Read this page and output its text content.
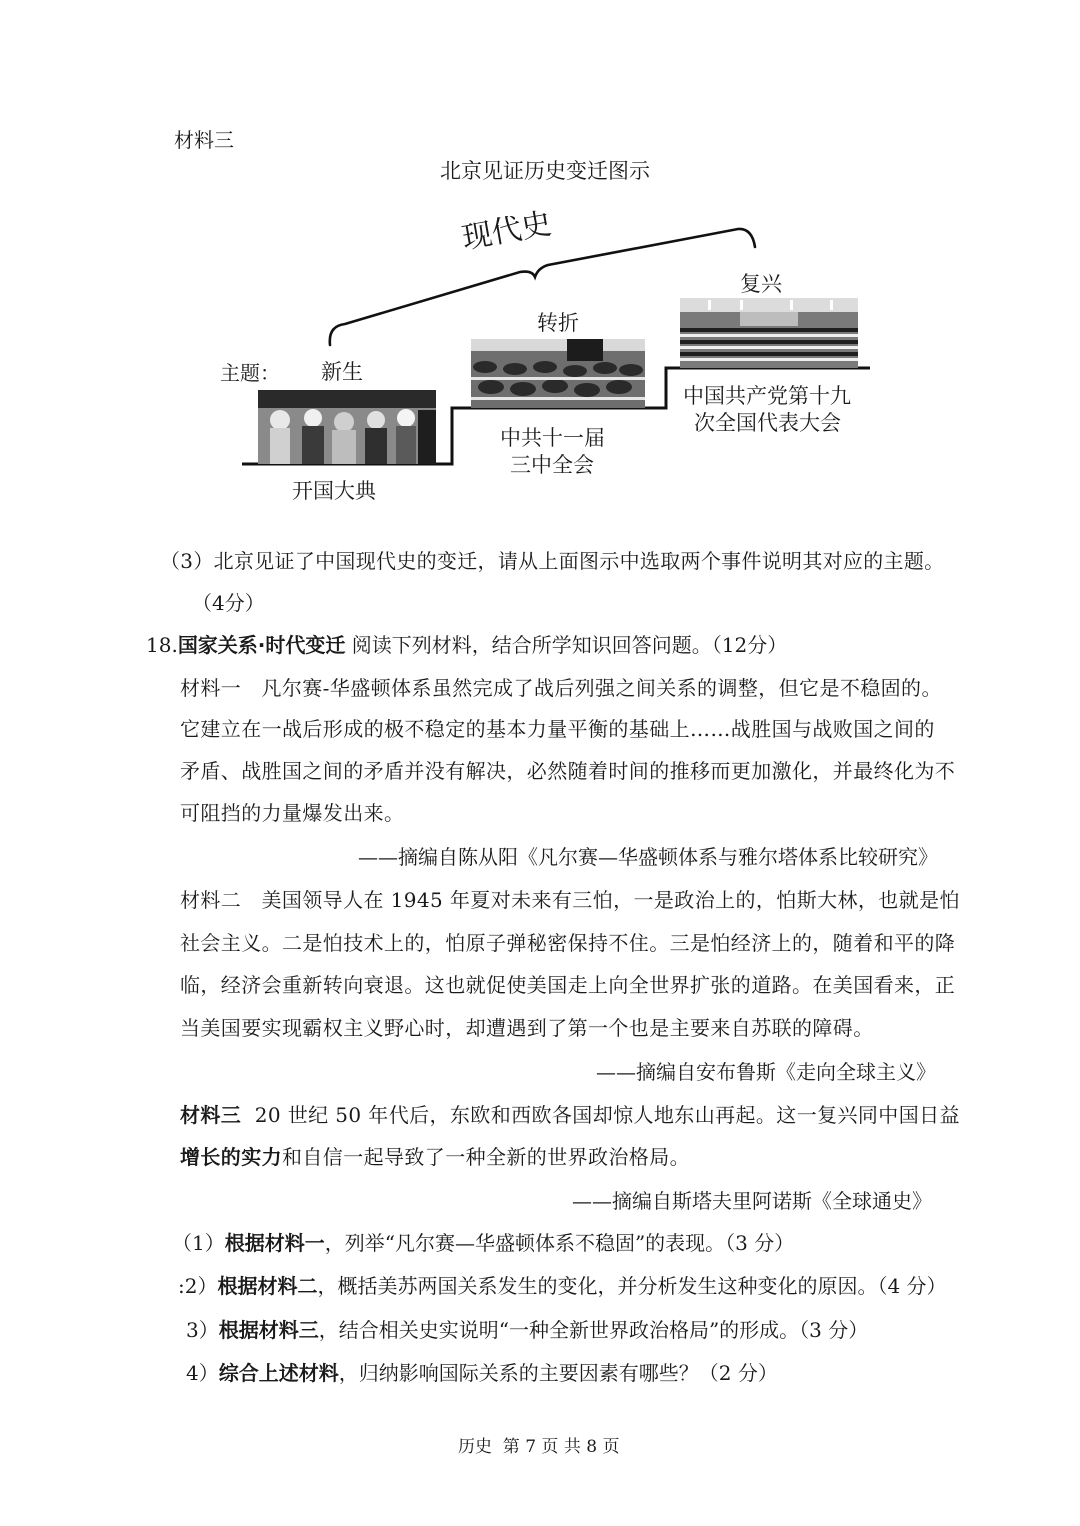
材料三
北京见证历史变迁图示
现代史
主题： 新生
开国大典
转折
中共十一届
三中全会
复兴
中国共产党第十九
次全国代表大会
（3）北京见证了中国现代史的变迁，请从上面图示中选取两个事件说明其对应的主题。
（4分）
18.国家关系·时代变迁 阅读下列材料，结合所学知识回答问题。（12分）
材料一 凡尔赛-华盛顿体系虽然完成了战后列强之间关系的调整，但它是不稳固的。
它建立在一战后形成的极不稳定的基本力量平衡的基础上……战胜国与战败国之间的
矛盾、战胜国之间的矛盾并没有解决，必然随着时间的推移而更加激化，并最终化为不
可阻挡的力量爆发出来。
——摘编自陈从阳《凡尔赛—华盛顿体系与雅尔塔体系比较研究》
材料二 美国领导人在 1945 年夏对未来有三怕，一是政治上的，怕斯大林，也就是怕
社会主义。二是怕技术上的，怕原子弹秘密保持不住。三是怕经济上的，随着和平的降
临，经济会重新转向衰退。这也就促使美国走上向全世界扩张的道路。在美国看来，正
当美国要实现霸权主义野心时，却遭遇到了第一个也是主要来自苏联的障碍。
——摘编自安布鲁斯《走向全球主义》
材料三 20 世纪 50 年代后，东欧和西欧各国却惊人地东山再起。这一复兴同中国日益
增长的实力和自信一起导致了一种全新的世界政治格局。
——摘编自斯塔夫里阿诺斯《全球通史》
（1）根据材料一，列举“凡尔赛—华盛顿体系不稳固”的表现。（3 分）
:2）根据材料二，概括美苏两国关系发生的变化，并分析发生这种变化的原因。（4 分）
3）根据材料三，结合相关史实说明“一种全新世界政治格局”的形成。（3 分）
4）综合上述材料，归纳影响国际关系的主要因素有哪些？（2 分）
历史  第 7 页 共 8 页
